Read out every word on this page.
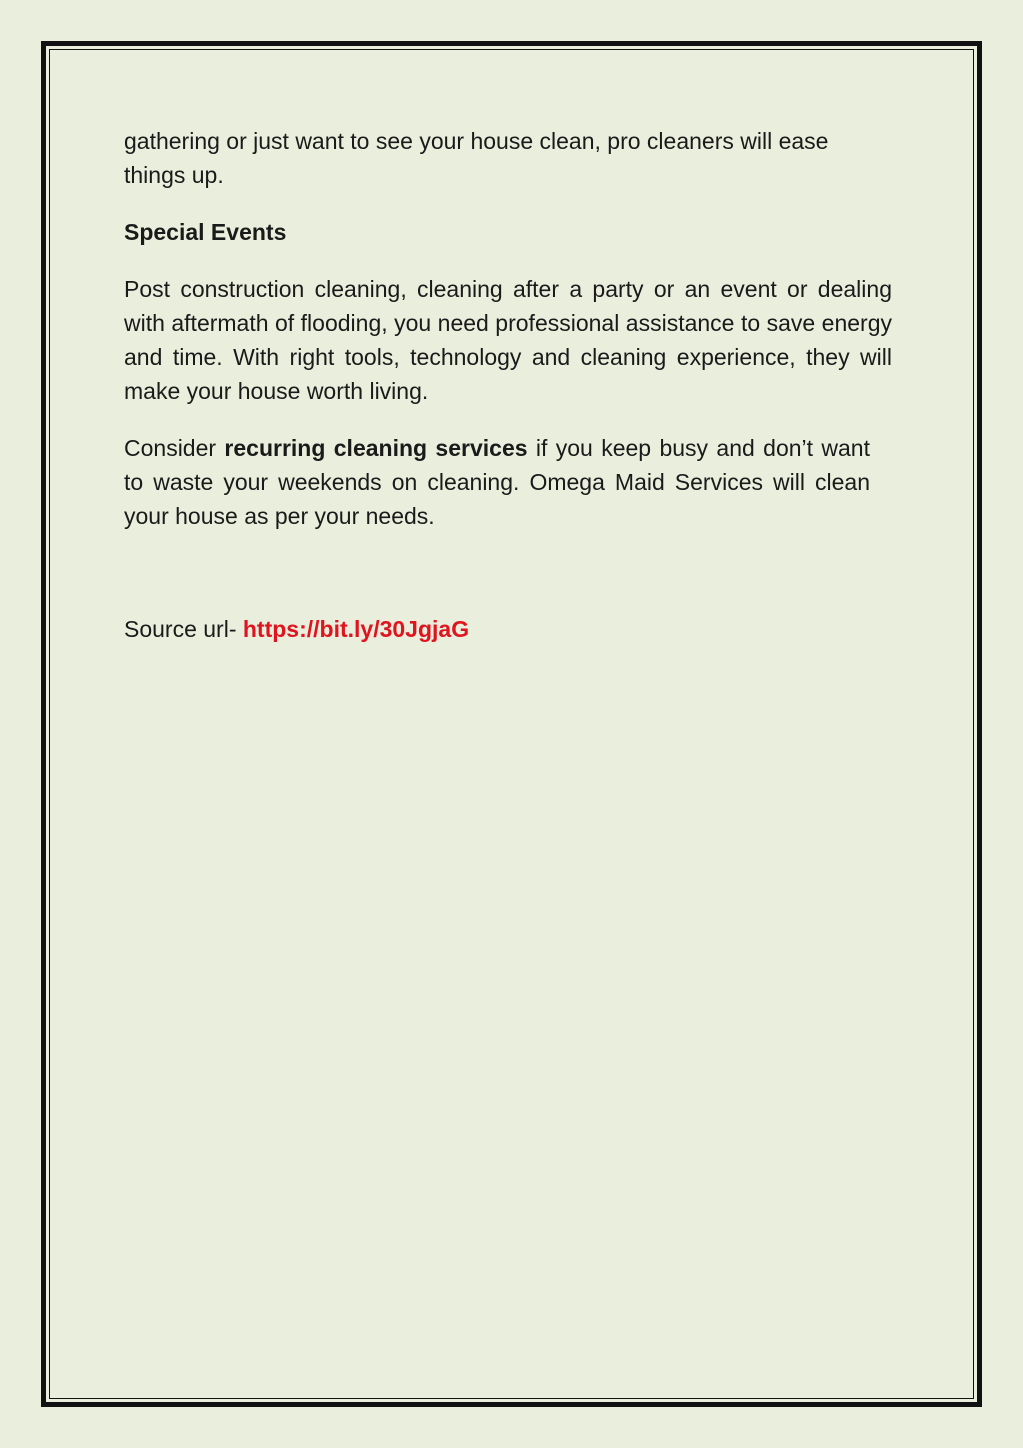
gathering or just want to see your house clean, pro cleaners will ease things up.

Special Events

Post construction cleaning, cleaning after a party or an event or dealing with aftermath of flooding, you need professional assistance to save energy and time. With right tools, technology and cleaning experience, they will make your house worth living.

Consider recurring cleaning services if you keep busy and don’t want to waste your weekends on cleaning. Omega Maid Services will clean your house as per your needs.

Source url- https://bit.ly/30JgjaG
